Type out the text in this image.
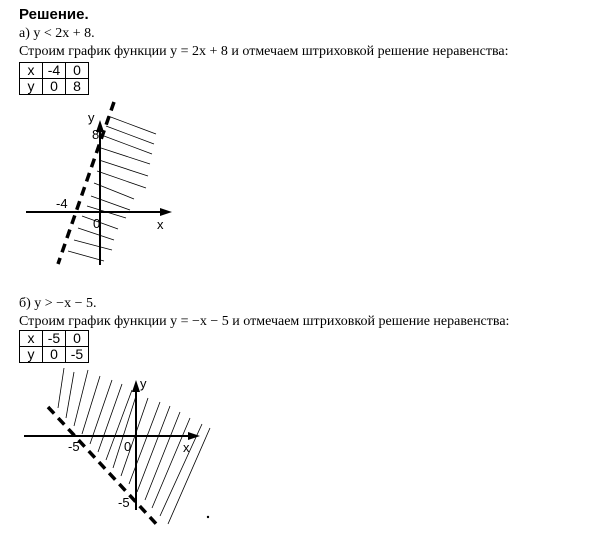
Решение.
а) y < 2x + 8.
Строим график функции y = 2x + 8 и отмечаем штриховкой решение неравенства:
x	-4	0
y	0	8
y
8
-4
0	x
б) y > −x − 5.
Строим график функции y = −x − 5 и отмечаем штриховкой решение неравенства:
x	-5	0
y	0	-5
y
-5	0	x
-5
